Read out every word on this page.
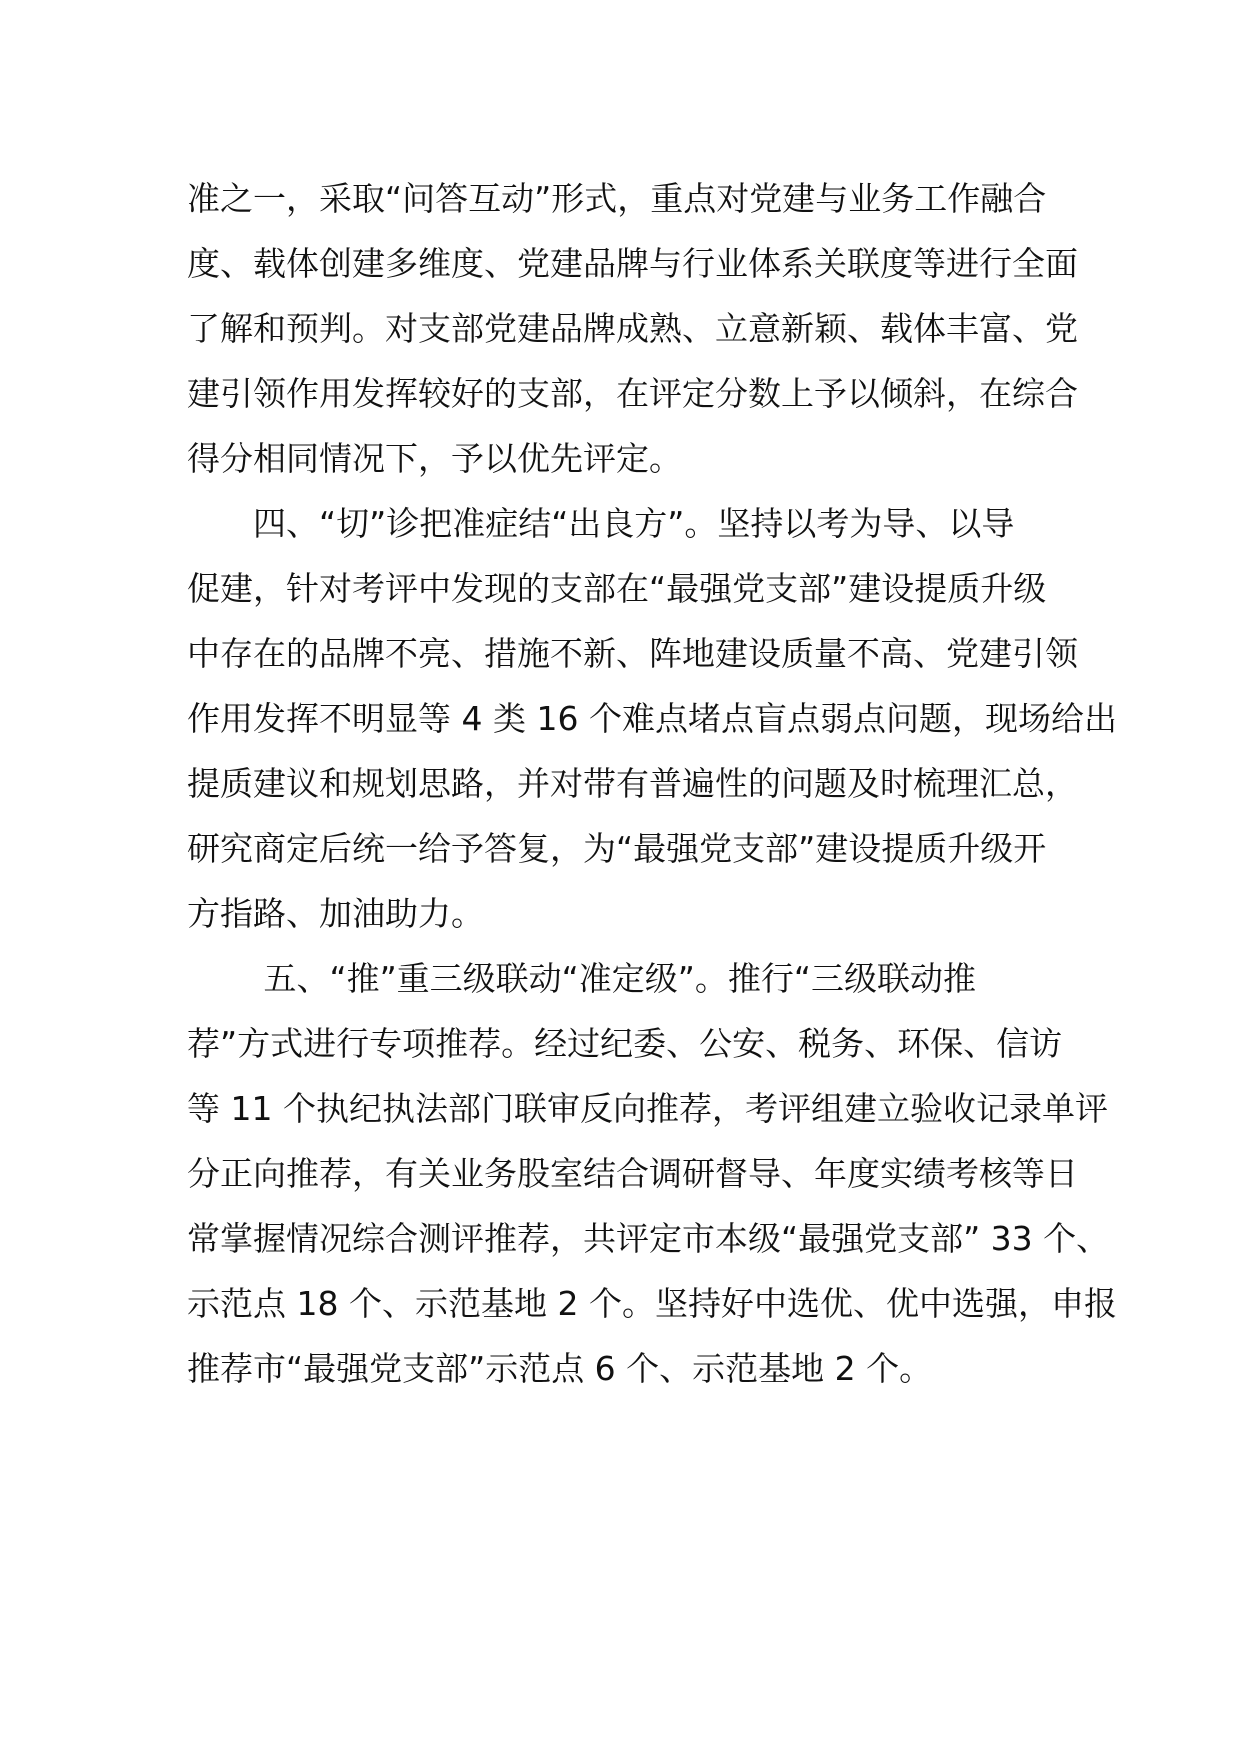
准之一，采取“问答互动”形式，重点对党建与业务工作融合
度、载体创建多维度、党建品牌与行业体系关联度等进行全面
了解和预判。对支部党建品牌成熟、立意新颖、载体丰富、党
建引领作用发挥较好的支部，在评定分数上予以倾斜，在综合
得分相同情况下，予以优先评定。
　　四、“切”诊把准症结“出良方”。坚持以考为导、以导
促建，针对考评中发现的支部在“最强党支部”建设提质升级
中存在的品牌不亮、措施不新、阵地建设质量不高、党建引领
作用发挥不明显等 4 类 16 个难点堵点盲点弱点问题，现场给出
提质建议和规划思路，并对带有普遍性的问题及时梳理汇总，
研究商定后统一给予答复，为“最强党支部”建设提质升级开
方指路、加油助力。
　　 五、“推”重三级联动“准定级”。推行“三级联动推
荐”方式进行专项推荐。经过纪委、公安、税务、环保、信访
等 11 个执纪执法部门联审反向推荐，考评组建立验收记录单评
分正向推荐，有关业务股室结合调研督导、年度实绩考核等日
常掌握情况综合测评推荐，共评定市本级“最强党支部” 33 个、
示范点 18 个、示范基地 2 个。坚持好中选优、优中选强，申报
推荐市“最强党支部”示范点 6 个、示范基地 2 个。
